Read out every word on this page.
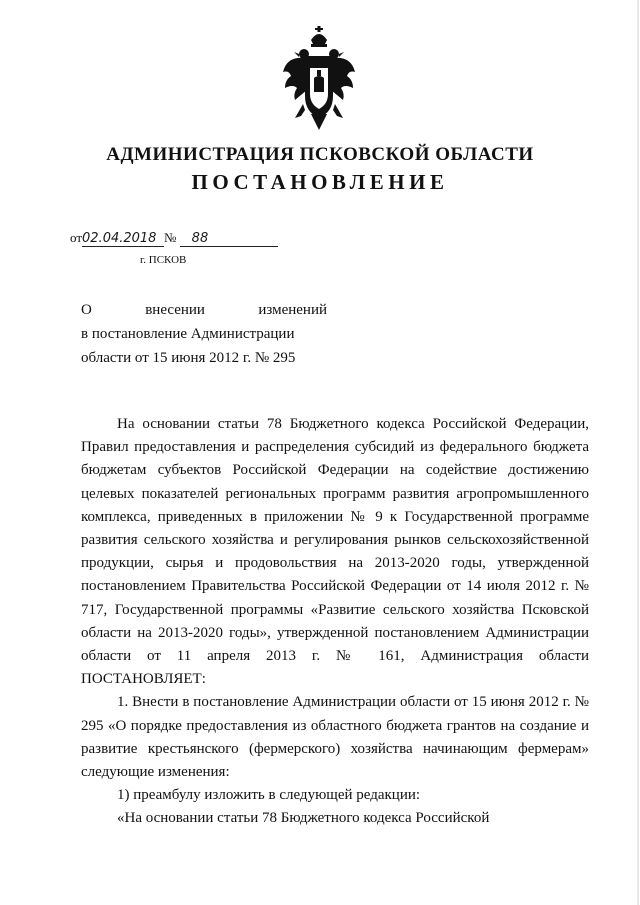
АДМИНИСТРАЦИЯ ПСКОВСКОЙ ОБЛАСТИ
ПОСТАНОВЛЕНИЕ
от02.04.2018 № 88
г. ПСКОВ
О внесении изменений
в постановление Администрации
области от 15 июня 2012 г. № 295

На основании статьи 78 Бюджетного кодекса Российской Федерации, Правил предоставления и распределения субсидий из федерального бюджета бюджетам субъектов Российской Федерации на содействие достижению целевых показателей региональных программ развития агропромышленного комплекса, приведенных в приложении № 9 к Государственной программе развития сельского хозяйства и регулирования рынков сельскохозяйственной продукции, сырья и продовольствия на 2013-2020 годы, утвержденной постановлением Правительства Российской Федерации от 14 июля 2012 г. № 717, Государственной программы «Развитие сельского хозяйства Псковской области на 2013-2020 годы», утвержденной постановлением Администрации области от 11 апреля 2013 г. № 161, Администрация области ПОСТАНОВЛЯЕТ:

1. Внести в постановление Администрации области от 15 июня 2012 г. № 295 «О порядке предоставления из областного бюджета грантов на создание и развитие крестьянского (фермерского) хозяйства начинающим фермерам» следующие изменения:

1) преамбулу изложить в следующей редакции:

«На основании статьи 78 Бюджетного кодекса Российской
